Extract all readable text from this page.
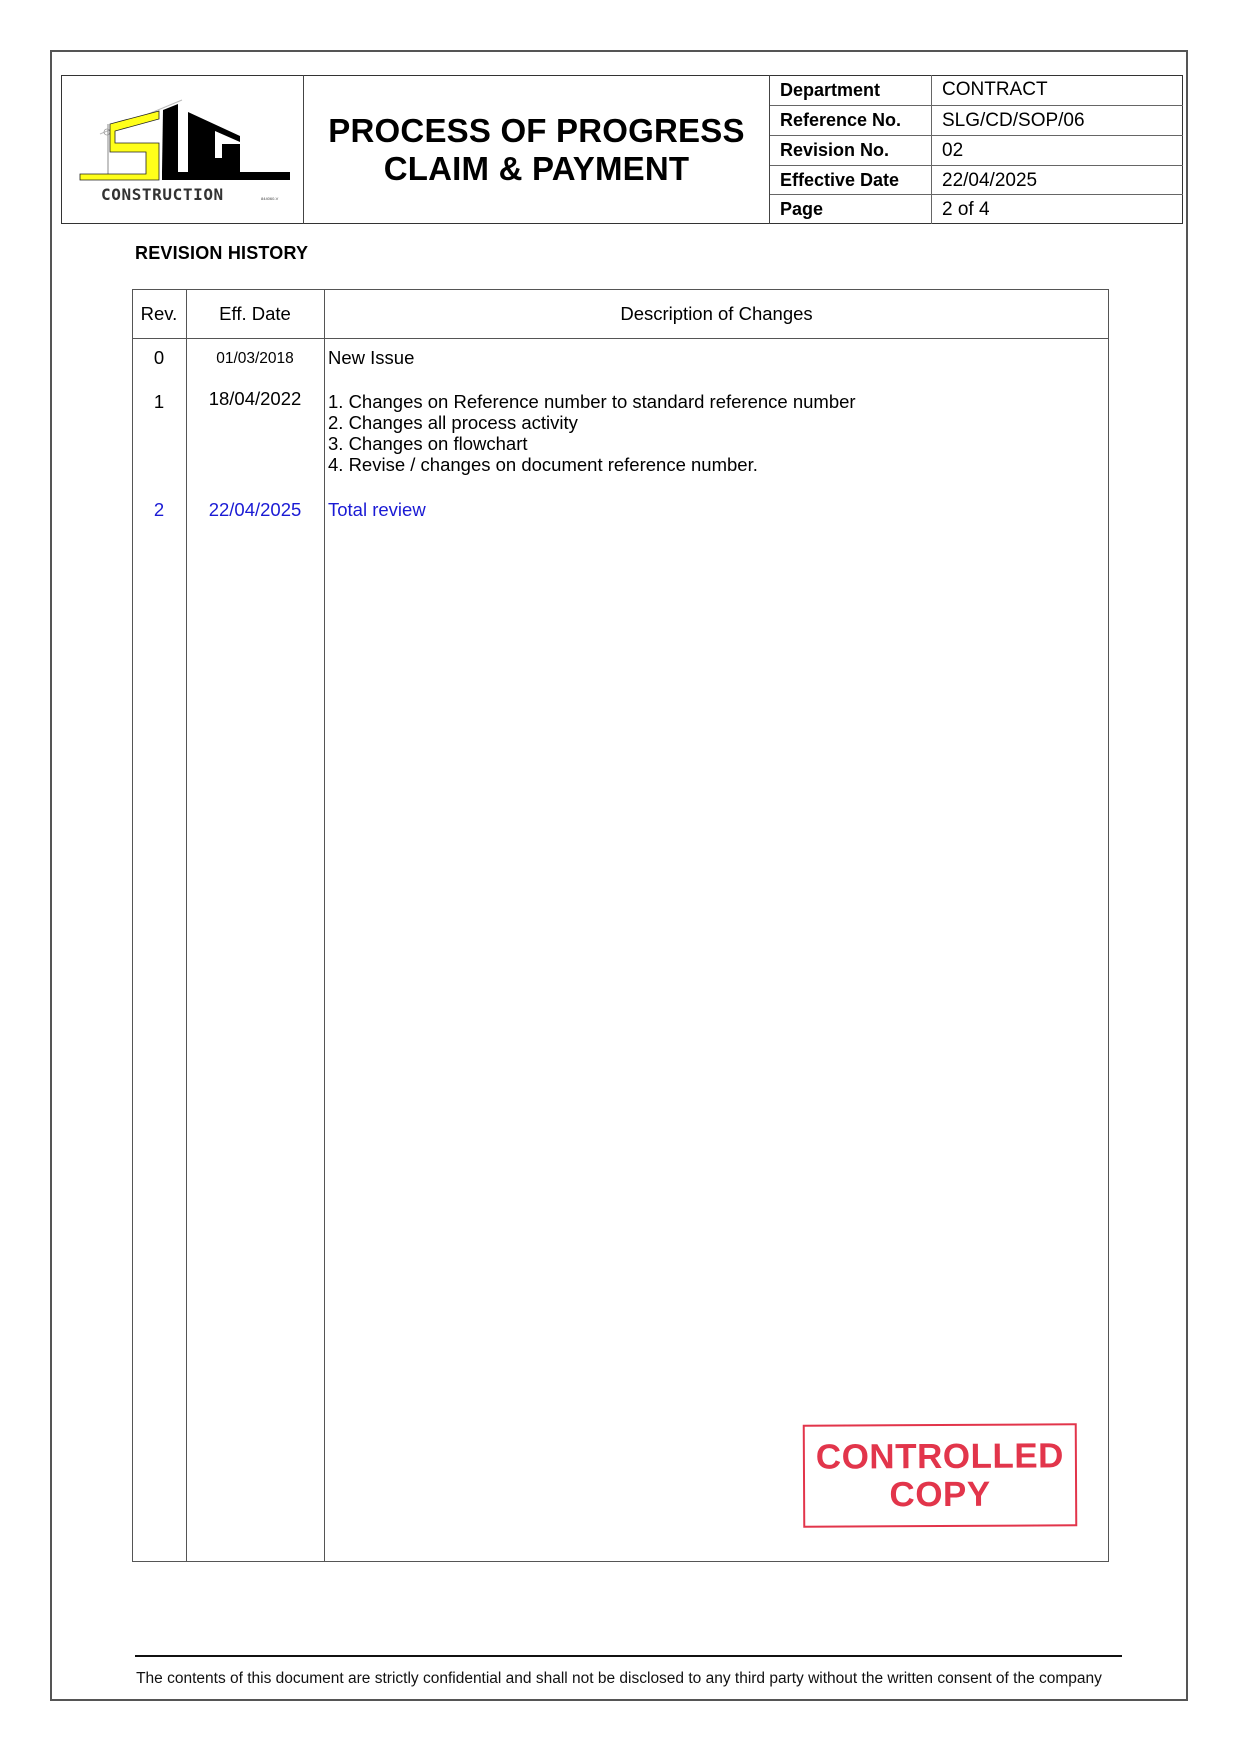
CONSTRUCTION	844060-V
PROCESS OF PROGRESS
CLAIM & PAYMENT
Department	CONTRACT
Reference No.	SLG/CD/SOP/06
Revision No.	02
Effective Date	22/04/2025
Page	2 of 4
REVISION HISTORY
Rev.	Eff. Date	Description of Changes
0	01/03/2018	New Issue
1	18/04/2022	1. Changes on Reference number to standard reference number
2. Changes all process activity
3. Changes on flowchart
4. Revise / changes on document reference number.
2	22/04/2025	Total review
CONTROLLED
COPY
The contents of this document are strictly confidential and shall not be disclosed to any third party without the written consent of the company
